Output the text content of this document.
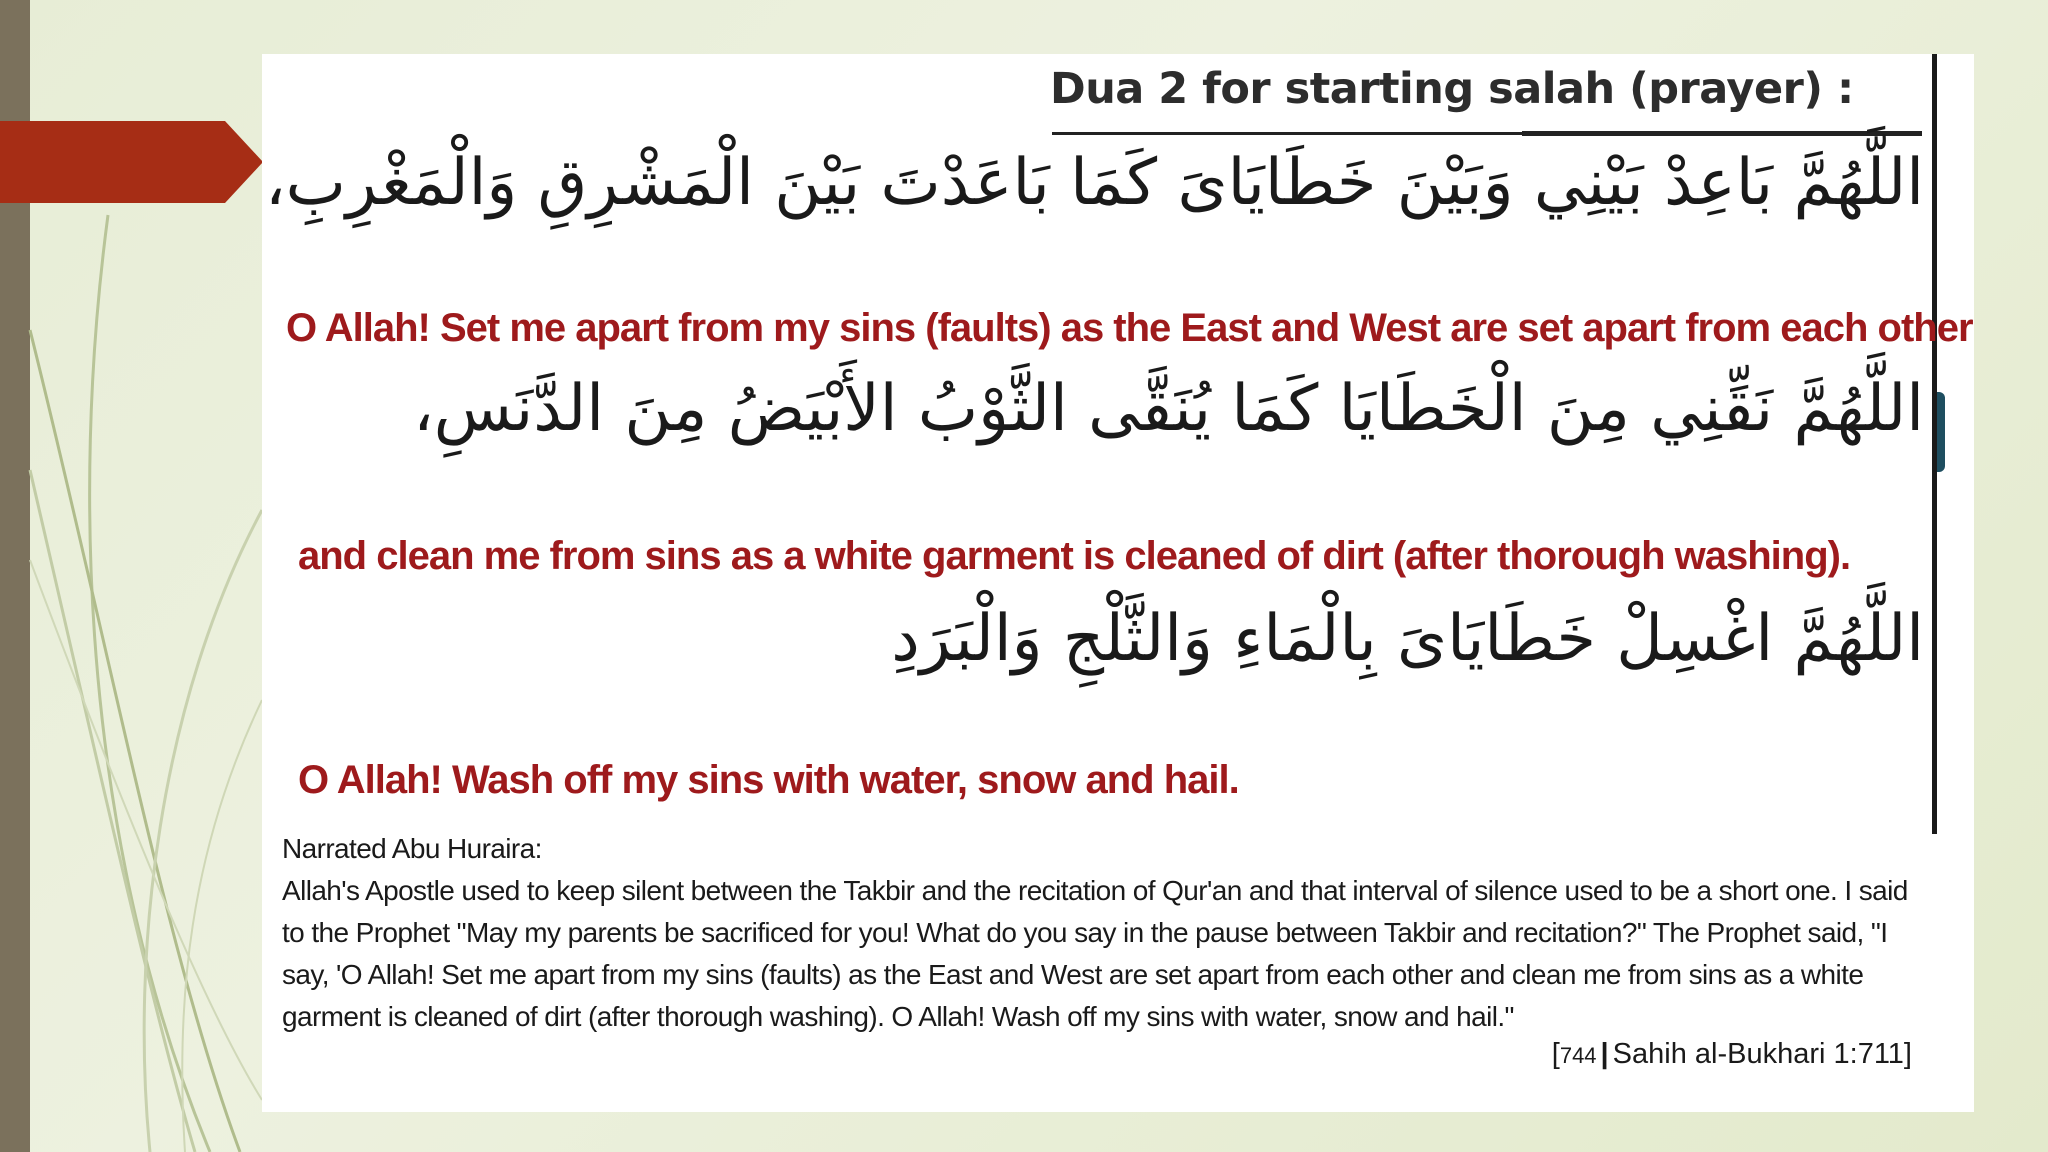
Dua 2 for starting salah (prayer) :

اللَّهُمَّ بَاعِدْ بَيْنِي وَبَيْنَ خَطَايَاىَ كَمَا بَاعَدْتَ بَيْنَ الْمَشْرِقِ وَالْمَغْرِبِ،

O Allah! Set me apart from my sins (faults) as the East and West are set apart from each other

اللَّهُمَّ نَقِّنِي مِنَ الْخَطَايَا كَمَا يُنَقَّى الثَّوْبُ الأَبْيَضُ مِنَ الدَّنَسِ،

and clean me from sins as a white garment is cleaned of dirt (after thorough washing).

اللَّهُمَّ اغْسِلْ خَطَايَاىَ بِالْمَاءِ وَالثَّلْجِ وَالْبَرَدِ

O Allah! Wash off my sins with water, snow and hail.

Narrated Abu Huraira:

Allah's Apostle used to keep silent between the Takbir and the recitation of Qur'an and that interval of silence used to be a short one. I said to the Prophet "May my parents be sacrificed for you! What do you say in the pause between Takbir and recitation?" The Prophet said, "I say, 'O Allah! Set me apart from my sins (faults) as the East and West are set apart from each other and clean me from sins as a white garment is cleaned of dirt (after thorough washing). O Allah! Wash off my sins with water, snow and hail."

[744 | Sahih al-Bukhari 1:711]
